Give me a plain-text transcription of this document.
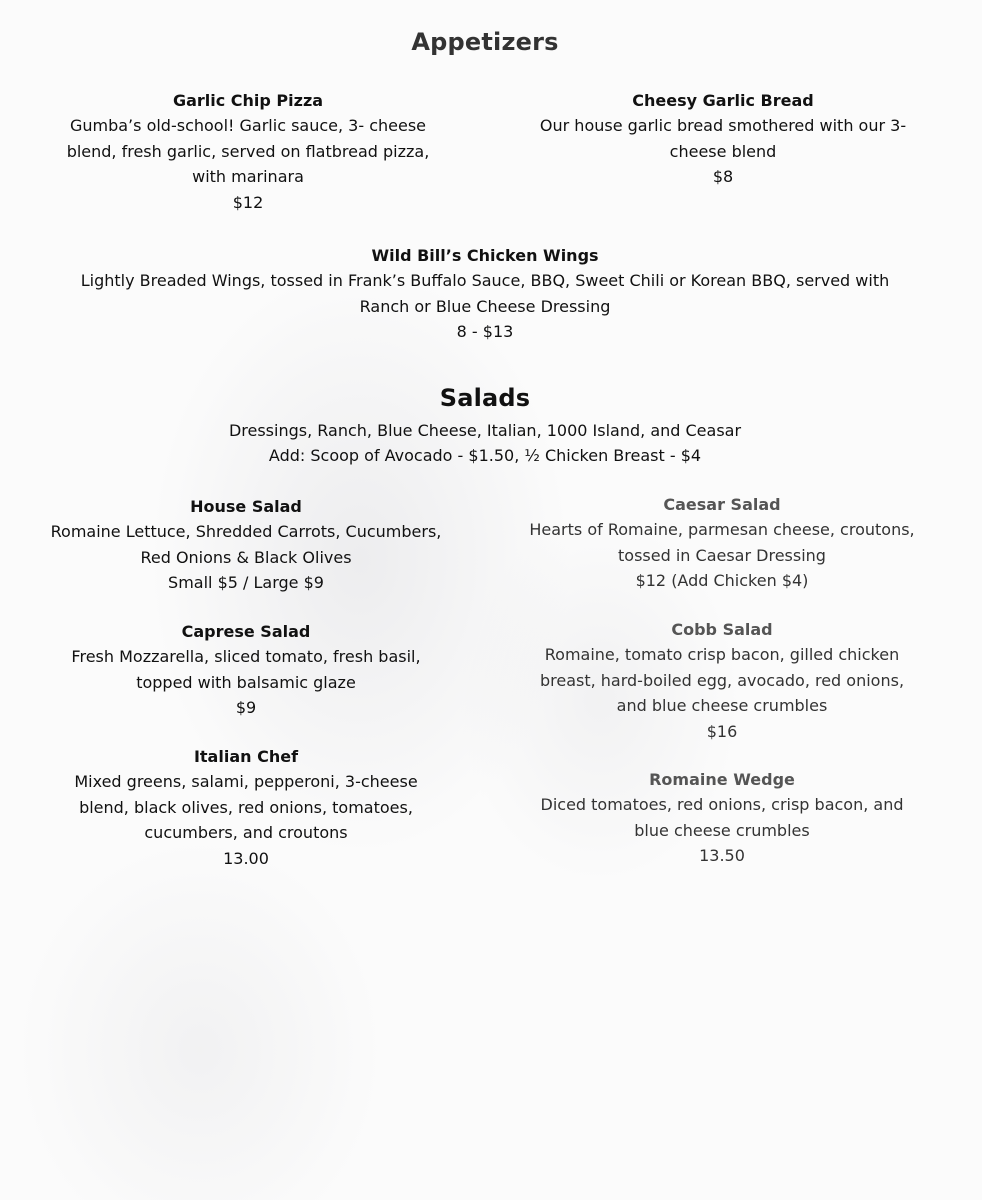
Appetizers
Garlic Chip Pizza
Gumba’s old-school! Garlic sauce, 3- cheese
blend, fresh garlic, served on flatbread pizza,
with marinara
$12
Cheesy Garlic Bread
Our house garlic bread smothered with our 3-
cheese blend
$8
Wild Bill’s Chicken Wings
Lightly Breaded Wings, tossed in Frank’s Buffalo Sauce, BBQ, Sweet Chili or Korean BBQ, served with
Ranch or Blue Cheese Dressing
8 - $13
Salads
Dressings, Ranch, Blue Cheese, Italian, 1000 Island, and Ceasar
Add: Scoop of Avocado - $1.50, ½ Chicken Breast - $4
House Salad
Romaine Lettuce, Shredded Carrots, Cucumbers,
Red Onions & Black Olives
Small $5 / Large $9
Caesar Salad
Hearts of Romaine, parmesan cheese, croutons,
tossed in Caesar Dressing
$12 (Add Chicken $4)
Caprese Salad
Fresh Mozzarella, sliced tomato, fresh basil,
topped with balsamic glaze
$9
Cobb Salad
Romaine, tomato crisp bacon, gilled chicken
breast, hard-boiled egg, avocado, red onions,
and blue cheese crumbles
$16
Italian Chef
Mixed greens, salami, pepperoni, 3-cheese
blend, black olives, red onions, tomatoes,
cucumbers, and croutons
13.00
Romaine Wedge
Diced tomatoes, red onions, crisp bacon, and
blue cheese crumbles
13.50
